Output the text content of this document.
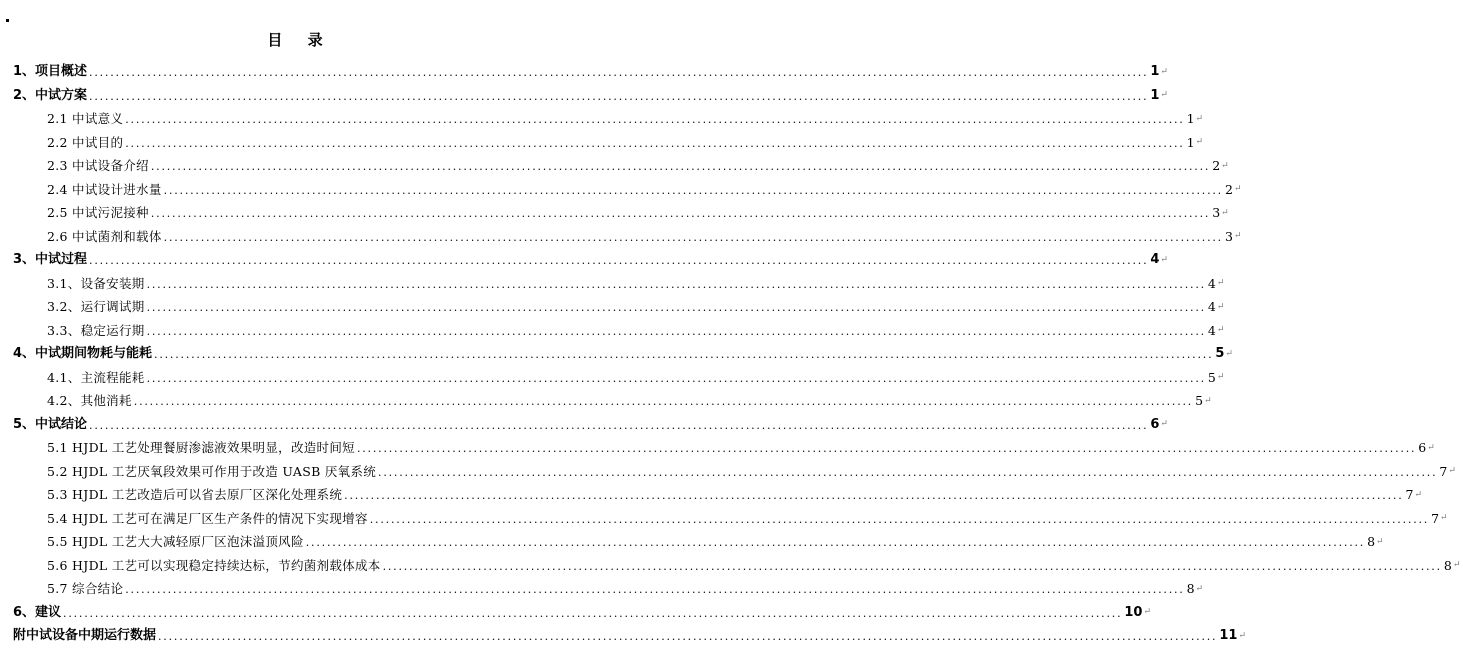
目 录
1、项目概述 ........................................................................................................................................................................................................ 1 ↵
2、中试方案 ........................................................................................................................................................................................................ 1 ↵
2.1 中试意义 ........................................................................................................................................................................................................ 1 ↵
2.2 中试目的 ........................................................................................................................................................................................................ 1 ↵
2.3 中试设备介绍 ........................................................................................................................................................................................................ 2 ↵
2.4 中试设计进水量 ........................................................................................................................................................................................................ 2 ↵
2.5 中试污泥接种 ........................................................................................................................................................................................................ 3 ↵
2.6 中试菌剂和载体 ........................................................................................................................................................................................................ 3 ↵
3、中试过程 ........................................................................................................................................................................................................ 4 ↵
3.1、设备安装期 ........................................................................................................................................................................................................ 4 ↵
3.2、运行调试期 ........................................................................................................................................................................................................ 4 ↵
3.3、稳定运行期 ........................................................................................................................................................................................................ 4 ↵
4、中试期间物耗与能耗 ........................................................................................................................................................................................................ 5 ↵
4.1、主流程能耗 ........................................................................................................................................................................................................ 5 ↵
4.2、其他消耗 ........................................................................................................................................................................................................ 5 ↵
5、中试结论 ........................................................................................................................................................................................................ 6 ↵
5.1 HJDL 工艺处理餐厨渗滤液效果明显，改造时间短 ........................................................................................................................................................................................................ 6 ↵
5.2 HJDL 工艺厌氧段效果可作用于改造 UASB 厌氧系统 ........................................................................................................................................................................................................ 7 ↵
5.3 HJDL 工艺改造后可以省去原厂区深化处理系统 ........................................................................................................................................................................................................ 7 ↵
5.4 HJDL 工艺可在满足厂区生产条件的情况下实现增容 ........................................................................................................................................................................................................ 7 ↵
5.5 HJDL 工艺大大减轻原厂区泡沫溢顶风险 ........................................................................................................................................................................................................ 8 ↵
5.6 HJDL 工艺可以实现稳定持续达标，节约菌剂载体成本 ........................................................................................................................................................................................................ 8 ↵
5.7 综合结论 ........................................................................................................................................................................................................ 8 ↵
6、建议 ........................................................................................................................................................................................................ 10 ↵
附中试设备中期运行数据 ........................................................................................................................................................................................................ 11 ↵
